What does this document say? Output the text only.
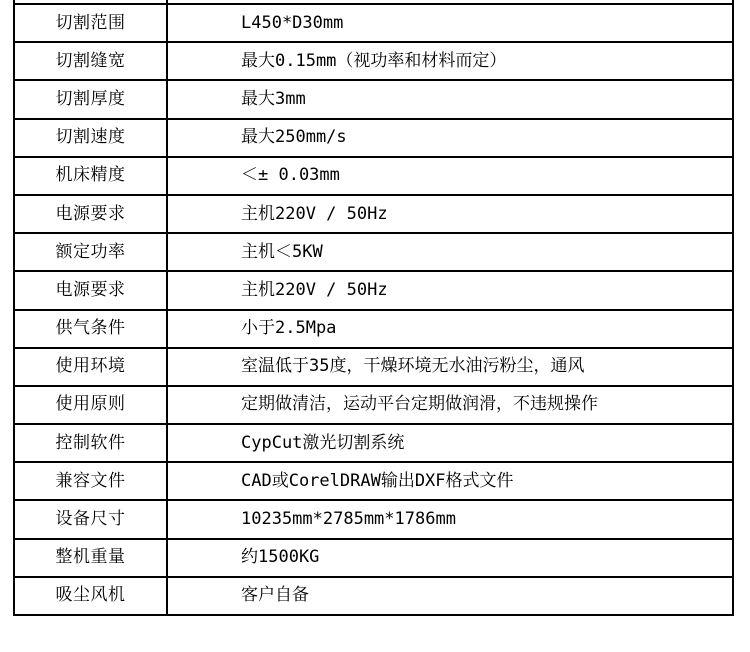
切割范围	L450*D30mm
切割缝宽	最大0.15mm（视功率和材料而定）
切割厚度	最大3mm
切割速度	最大250mm/s
机床精度	＜± 0.03mm
电源要求	主机220V / 50Hz
额定功率	主机＜5KW
电源要求	主机220V / 50Hz
供气条件	小于2.5Mpa
使用环境	室温低于35度，干燥环境无水油污粉尘，通风
使用原则	定期做清洁，运动平台定期做润滑，不违规操作
控制软件	CypCut激光切割系统
兼容文件	CAD或CorelDRAW输出DXF格式文件
设备尺寸	10235mm*2785mm*1786mm
整机重量	约1500KG
吸尘风机	客户自备
